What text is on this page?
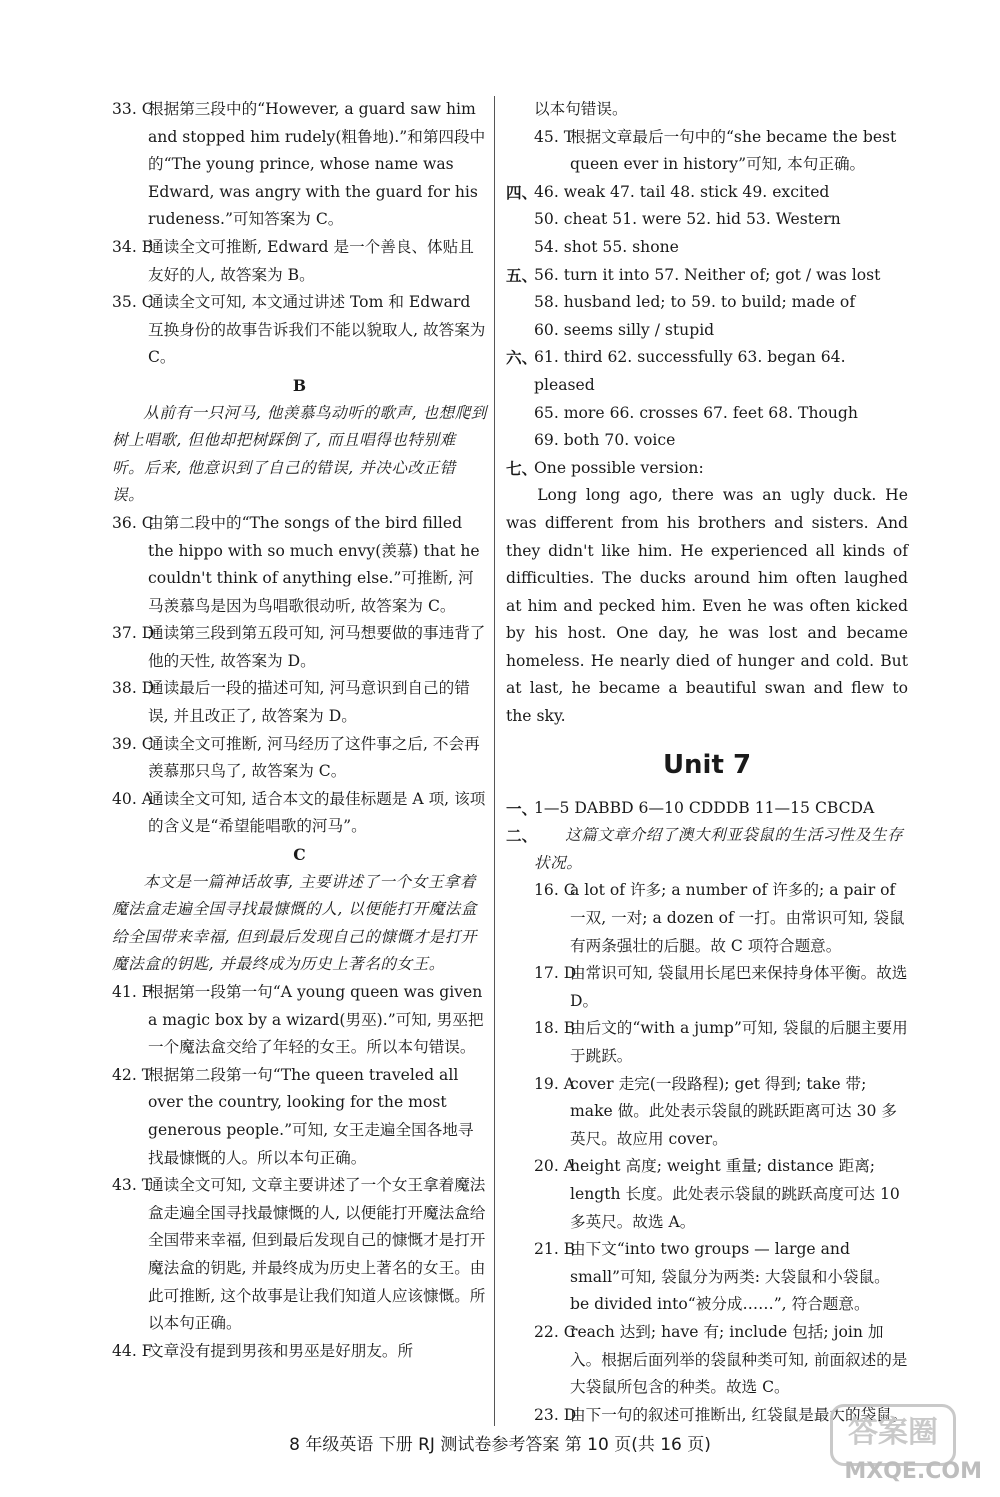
33. C
根据第三段中的“However, a guard saw him and stopped him rudely(粗鲁地).”和第四段中的“The young prince, whose name was Edward, was angry with the guard for his rudeness.”可知答案为 C。
34. B
通读全文可推断, Edward 是一个善良、体贴且友好的人, 故答案为 B。
35. C
通读全文可知, 本文通过讲述 Tom 和 Edward 互换身份的故事告诉我们不能以貌取人, 故答案为 C。
B
从前有一只河马, 他羡慕鸟动听的歌声, 也想爬到树上唱歌, 但他却把树踩倒了, 而且唱得也特别难听。后来, 他意识到了自己的错误, 并决心改正错误。
36. C
由第二段中的“The songs of the bird filled the hippo with so much envy(羡慕) that he couldn't think of anything else.”可推断, 河马羡慕鸟是因为鸟唱歌很动听, 故答案为 C。
37. D
通读第三段到第五段可知, 河马想要做的事违背了他的天性, 故答案为 D。
38. D
通读最后一段的描述可知, 河马意识到自己的错误, 并且改正了, 故答案为 D。
39. C
通读全文可推断, 河马经历了这件事之后, 不会再羡慕那只鸟了, 故答案为 C。
40. A
通读全文可知, 适合本文的最佳标题是 A 项, 该项的含义是“希望能唱歌的河马”。
C
本文是一篇神话故事, 主要讲述了一个女王拿着魔法盒走遍全国寻找最慷慨的人, 以便能打开魔法盒给全国带来幸福, 但到最后发现自己的慷慨才是打开魔法盒的钥匙, 并最终成为历史上著名的女王。
41. F
根据第一段第一句“A young queen was given a magic box by a wizard(男巫).”可知, 男巫把一个魔法盒交给了年轻的女王。所以本句错误。
42. T
根据第二段第一句“The queen traveled all over the country, looking for the most generous people.”可知, 女王走遍全国各地寻找最慷慨的人。所以本句正确。
43. T
通读全文可知, 文章主要讲述了一个女王拿着魔法盒走遍全国寻找最慷慨的人, 以便能打开魔法盒给全国带来幸福, 但到最后发现自己的慷慨才是打开魔法盒的钥匙, 并最终成为历史上著名的女王。由此可推断, 这个故事是让我们知道人应该慷慨。所以本句正确。
44. F
文章没有提到男孩和男巫是好朋友。所
以本句错误。
45. T
根据文章最后一句中的“she became the best queen ever in history”可知, 本句正确。
四、
46. weak 47. tail 48. stick 49. excited
50. cheat 51. were 52. hid 53. Western
54. shot 55. shone
五、
56. turn it into 57. Neither of; got / was lost
58. husband led; to 59. to build; made of
60. seems silly / stupid
六、
61. third 62. successfully 63. began 64. pleased
65. more 66. crosses 67. feet 68. Though
69. both 70. voice
七、
One possible version:
Long long ago, there was an ugly duck. He was different from his brothers and sisters. And they didn't like him. He experienced all kinds of difficulties. The ducks around him often laughed at him and pecked him. Even he was often kicked by his host. One day, he was lost and became homeless. He nearly died of hunger and cold. But at last, he became a beautiful swan and flew to the sky.
Unit 7
一、
1—5 DABBD 6—10 CDDDB 11—15 CBCDA
二、	这篇文章介绍了澳大利亚袋鼠的生活习性及生存状况。
16. C
a lot of 许多; a number of 许多的; a pair of 一双, 一对; a dozen of 一打。由常识可知, 袋鼠有两条强壮的后腿。故 C 项符合题意。
17. D
由常识可知, 袋鼠用长尾巴来保持身体平衡。故选 D。
18. B
由后文的“with a jump”可知, 袋鼠的后腿主要用于跳跃。
19. A
cover 走完(一段路程); get 得到; take 带; make 做。此处表示袋鼠的跳跃距离可达 30 多英尺。故应用 cover。
20. A
height 高度; weight 重量; distance 距离; length 长度。此处表示袋鼠的跳跃高度可达 10 多英尺。故选 A。
21. B
由下文“into two groups — large and small”可知, 袋鼠分为两类: 大袋鼠和小袋鼠。be divided into“被分成……”, 符合题意。
22. C
reach 达到; have 有; include 包括; join 加入。根据后面列举的袋鼠种类可知, 前面叙述的是大袋鼠所包含的种类。故选 C。
23. D
由下一句的叙述可推断出, 红袋鼠是最大的袋鼠。
8 年级英语 下册 RJ 测试卷参考答案 第 10 页(共 16 页)	答案圈
MXQE.COM
